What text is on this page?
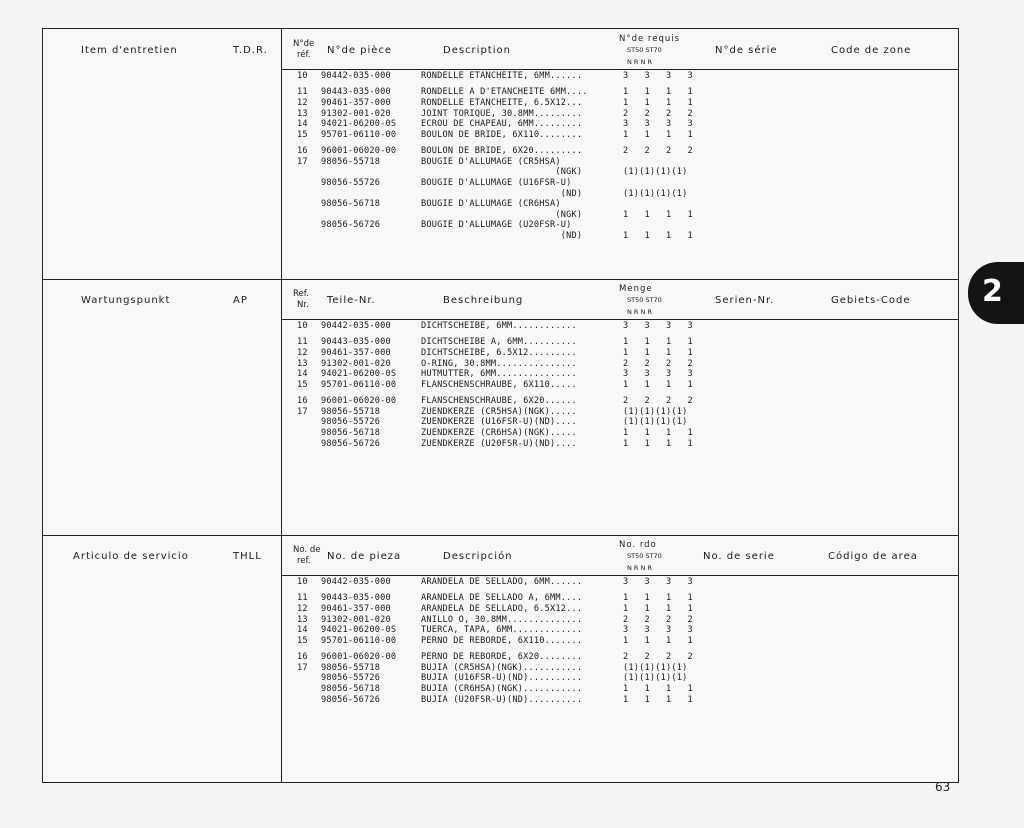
Item d'entretien	T.D.R.
N°de
réf. N°de pièce	Description
N°de requis
ST50 ST70
N R N R
N°de série	Code de zone
10 90442-035-000	RONDELLE ETANCHEITE, 6MM......	3   3   3   3
11 90443-035-000	RONDELLE A D'ETANCHEITE 6MM....	1   1   1   1
12 90461-357-000	RONDELLE ETANCHEITE, 6.5X12...	1   1   1   1
13 91302-001-020	JOINT TORIQUE, 30.8MM.........	2   2   2   2
14 94021-06200-0S	ECROU DE CHAPEAU, 6MM.........	3   3   3   3
15 95701-06110-00	BOULON DE BRIDE, 6X110........	1   1   1   1
16 96001-06020-00	BOULON DE BRIDE, 6X20.........	2   2   2   2
17 98056-55718	BOUGIE D'ALLUMAGE (CR5HSA)
(NGK)	(1)(1)(1)(1)
98056-55726	BOUGIE D'ALLUMAGE (U16FSR-U)
(ND)	(1)(1)(1)(1)
98056-56718	BOUGIE D'ALLUMAGE (CR6HSA)
(NGK)	1   1   1   1
98056-56726	BOUGIE D'ALLUMAGE (U20FSR-U)
(ND)	1   1   1   1
Wartungspunkt	AP
Ref.
Nr. Teile-Nr.	Beschreibung
Menge
ST50 ST70
N R N R
Serien-Nr.	Gebiets-Code
10 90442-035-000	DICHTSCHEIBE, 6MM............	3   3   3   3
11 90443-035-000	DICHTSCHEIBE A, 6MM..........	1   1   1   1
12 90461-357-000	DICHTSCHEIBE, 6.5X12.........	1   1   1   1
13 91302-001-020	O-RING, 30.8MM...............	2   2   2   2
14 94021-06200-0S	HUTMUTTER, 6MM...............	3   3   3   3
15 95701-06110-00	FLANSCHENSCHRAUBE, 6X110.....	1   1   1   1
16 96001-06020-00	FLANSCHENSCHRAUBE, 6X20......	2   2   2   2
17 98056-55718	ZUENDKERZE (CR5HSA)(NGK).....	(1)(1)(1)(1)
98056-55726	ZUENDKERZE (U16FSR-U)(ND)....	(1)(1)(1)(1)
98056-56718	ZUENDKERZE (CR6HSA)(NGK).....	1   1   1   1
98056-56726	ZUENDKERZE (U20FSR-U)(ND)....	1   1   1   1
Articulo de servicio	THLL
No. de
ref. No. de pieza	Descripción
No. rdo
ST50 ST70
N R N R
No. de serie	Código de area
10 90442-035-000	ARANDELA DE SELLADO, 6MM......	3   3   3   3
11 90443-035-000	ARANDELA DE SELLADO A, 6MM....	1   1   1   1
12 90461-357-000	ARANDELA DE SELLADO, 6.5X12...	1   1   1   1
13 91302-001-020	ANILLO O, 30.8MM..............	2   2   2   2
14 94021-06200-0S	TUERCA, TAPA, 6MM.............	3   3   3   3
15 95701-06110-00	PERNO DE REBORDE, 6X110.......	1   1   1   1
16 96001-06020-00	PERNO DE REBORDE, 6X20........	2   2   2   2
17 98056-55718	BUJIA (CR5HSA)(NGK)...........	(1)(1)(1)(1)
98056-55726	BUJIA (U16FSR-U)(ND)..........	(1)(1)(1)(1)
98056-56718	BUJIA (CR6HSA)(NGK)...........	1   1   1   1
98056-56726	BUJIA (U20FSR-U)(ND)..........	1   1   1   1
2
63
